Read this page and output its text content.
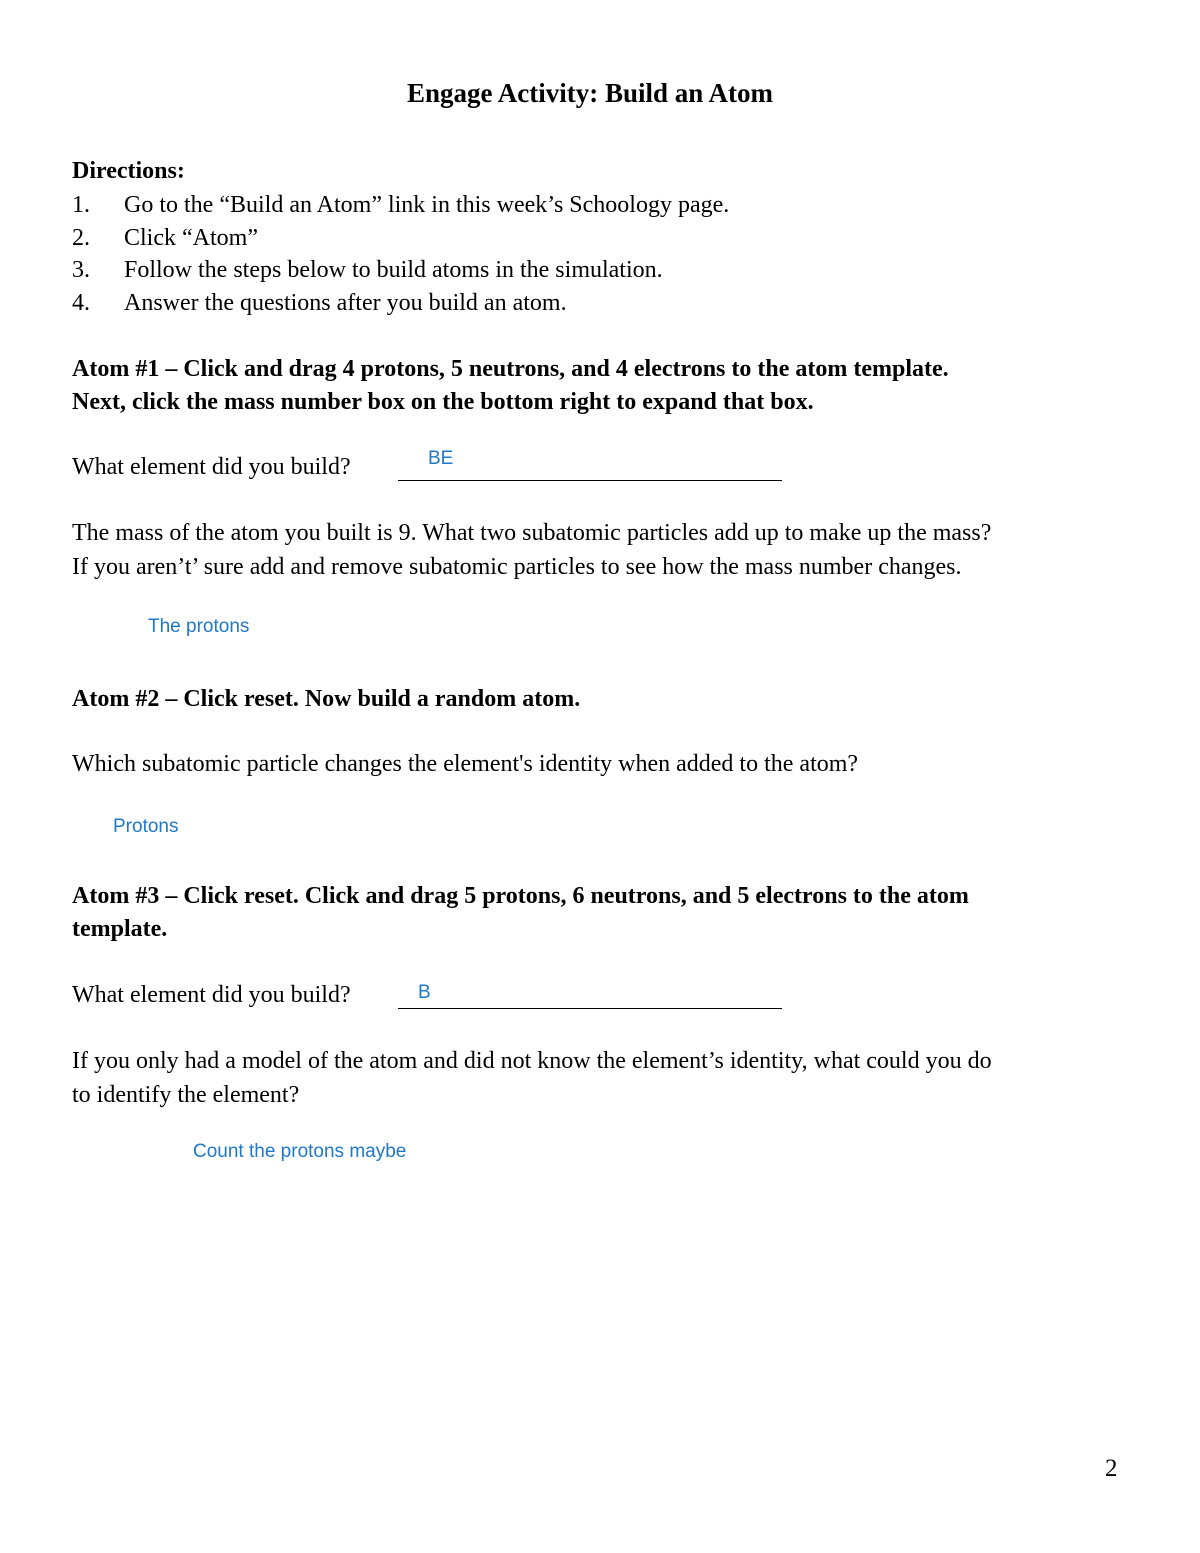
Engage Activity: Build an Atom
Directions:
1. Go to the “Build an Atom” link in this week’s Schoology page.
2. Click “Atom”
3. Follow the steps below to build atoms in the simulation.
4. Answer the questions after you build an atom.
Atom #1 – Click and drag 4 protons, 5 neutrons, and 4 electrons to the atom template.
Next, click the mass number box on the bottom right to expand that box.
What element did you build?	BE
The mass of the atom you built is 9. What two subatomic particles add up to make up the mass?
If you aren’t’ sure add and remove subatomic particles to see how the mass number changes.
The protons
Atom #2 – Click reset. Now build a random atom.
Which subatomic particle changes the element's identity when added to the atom?
Protons
Atom #3 – Click reset. Click and drag 5 protons, 6 neutrons, and 5 electrons to the atom
template.
What element did you build?	B
If you only had a model of the atom and did not know the element’s identity, what could you do
to identify the element?
Count the protons maybe
2
